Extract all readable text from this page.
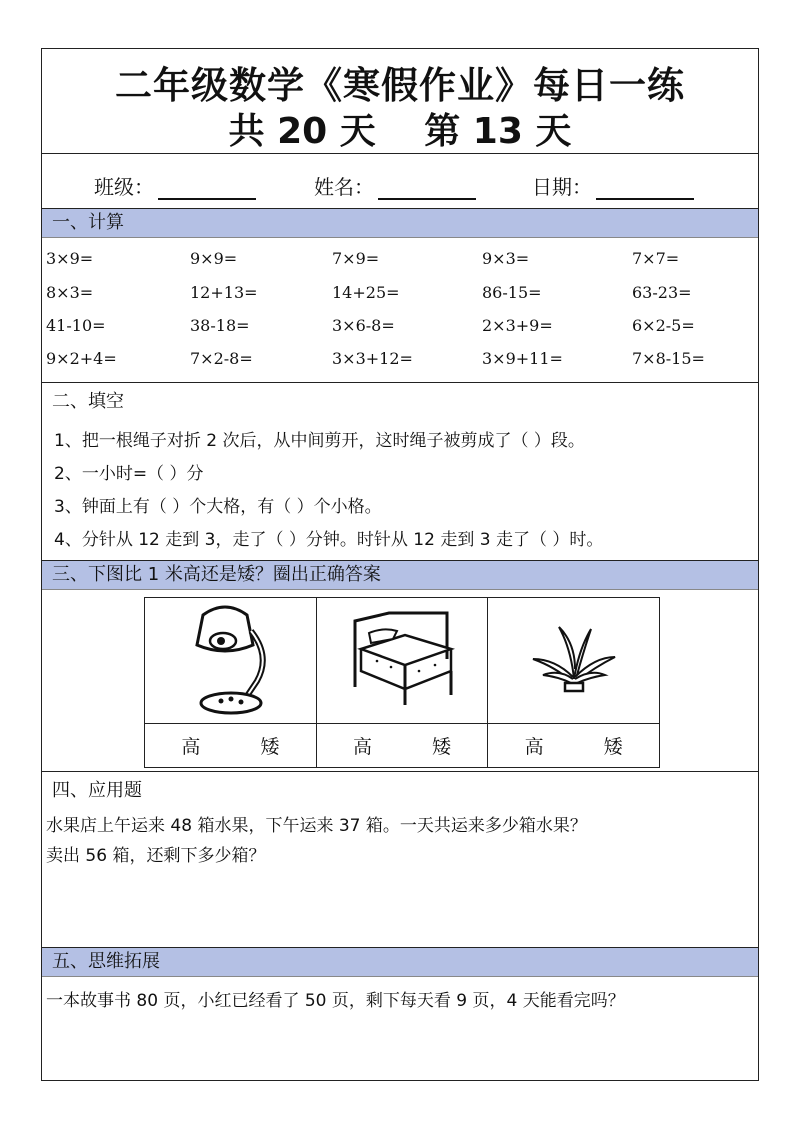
二年级数学《寒假作业》每日一练
共 20 天 第 13 天
班级：	姓名：	日期：
一、计算
3×9=	9×9=	7×9=	9×3=	7×7=
8×3=	12+13=	14+25=	86-15=	63-23=
41-10=	38-18=	3×6-8=	2×3+9=	6×2-5=
9×2+4=	7×2-8=	3×3+12=	3×9+11=	7×8-15=
二、填空
1、把一根绳子对折 2 次后，从中间剪开，这时绳子被剪成了（ ）段。
2、一小时=（ ）分
3、钟面上有（ ）个大格，有（ ）个小格。
4、分针从 12 走到 3，走了（ ）分钟。时针从 12 走到 3 走了（ ）时。
三、下图比 1 米高还是矮？圈出正确答案

高 矮	高 矮	高 矮
四、应用题
水果店上午运来 48 箱水果，下午运来 37 箱。一天共运来多少箱水果？
卖出 56 箱，还剩下多少箱？
五、思维拓展
一本故事书 80 页，小红已经看了 50 页，剩下每天看 9 页，4 天能看完吗？
